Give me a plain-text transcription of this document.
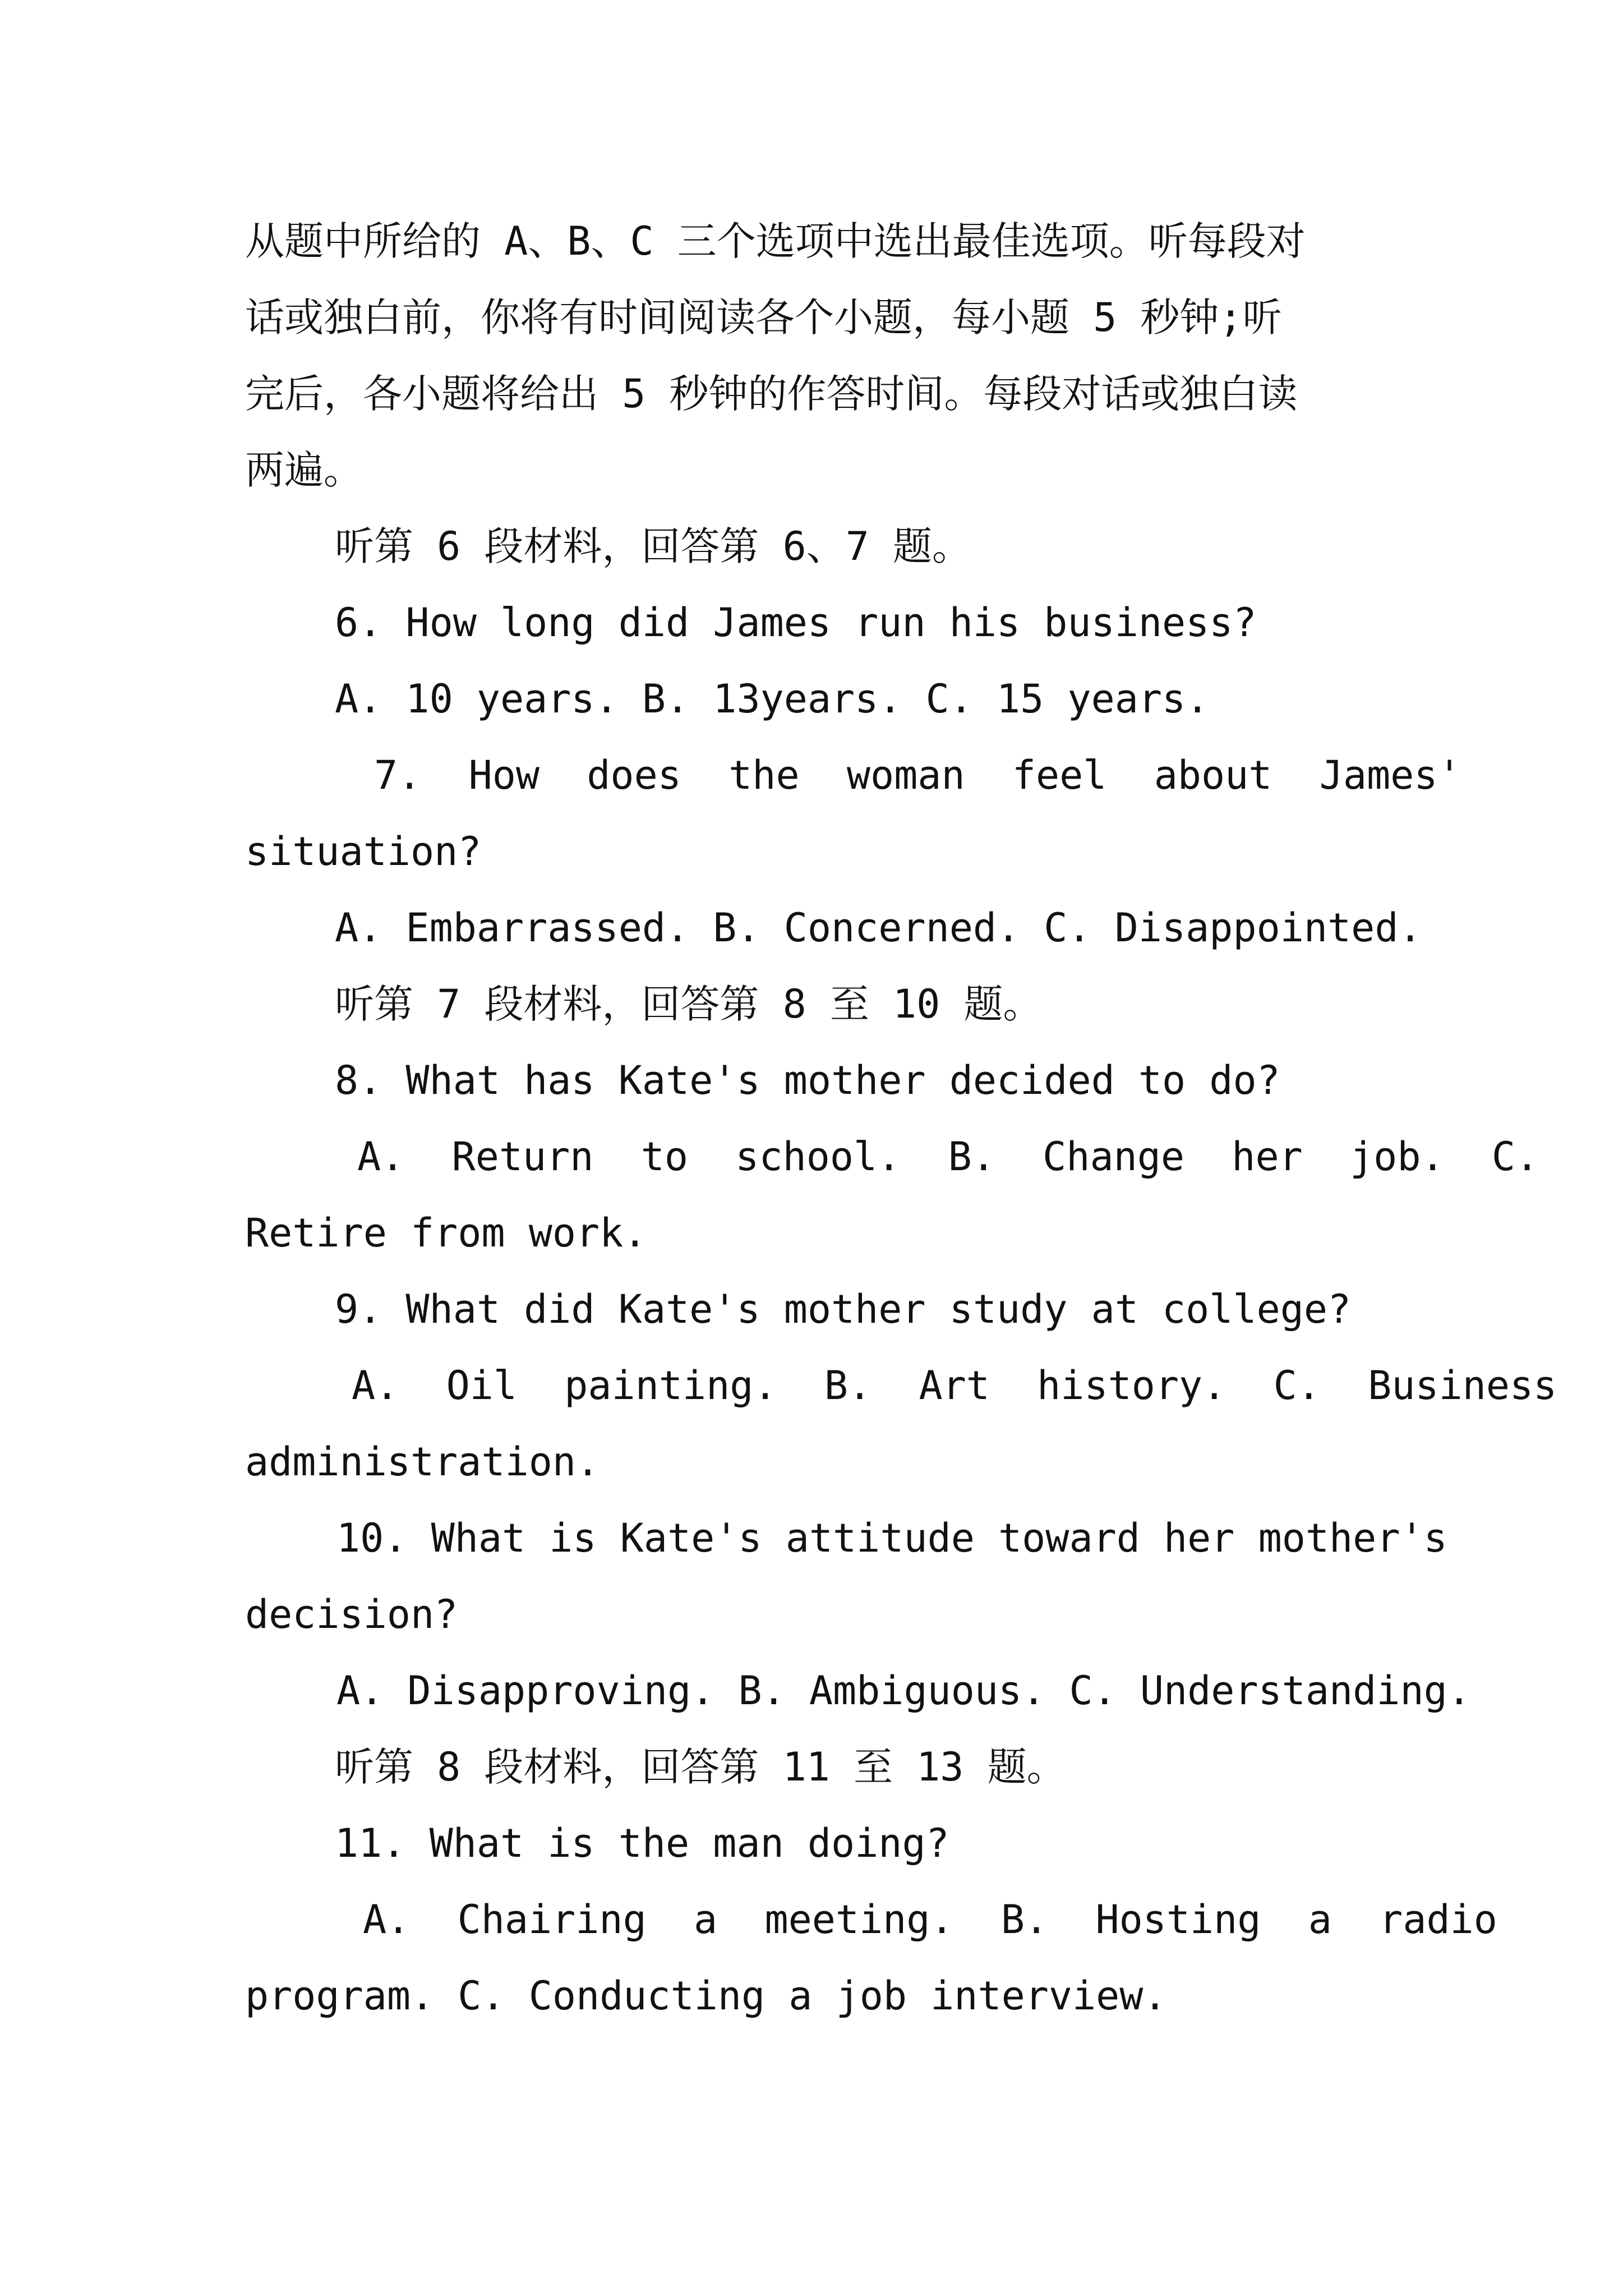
从题中所给的 A、B、C 三个选项中选出最佳选项。听每段对
话或独白前，你将有时间阅读各个小题，每小题 5 秒钟;听
完后，各小题将给出 5 秒钟的作答时间。每段对话或独白读
两遍。
听第 6 段材料，回答第 6、7 题。
6. How long did James run his business?
A. 10 years. B. 13years. C. 15 years.
7.  How  does  the  woman  feel  about  James'
situation?
A. Embarrassed. B. Concerned. C. Disappointed.
听第 7 段材料，回答第 8 至 10 题。
8. What has Kate's mother decided to do?
A.  Return  to  school.  B.  Change  her  job.  C.
Retire from work.
9. What did Kate's mother study at college?
A.  Oil  painting.  B.  Art  history.  C.  Business
administration.
10. What is Kate's attitude toward her mother's
decision?
A. Disapproving. B. Ambiguous. C. Understanding.
听第 8 段材料，回答第 11 至 13 题。
11. What is the man doing?
A.  Chairing  a  meeting.  B.  Hosting  a  radio
program. C. Conducting a job interview.
